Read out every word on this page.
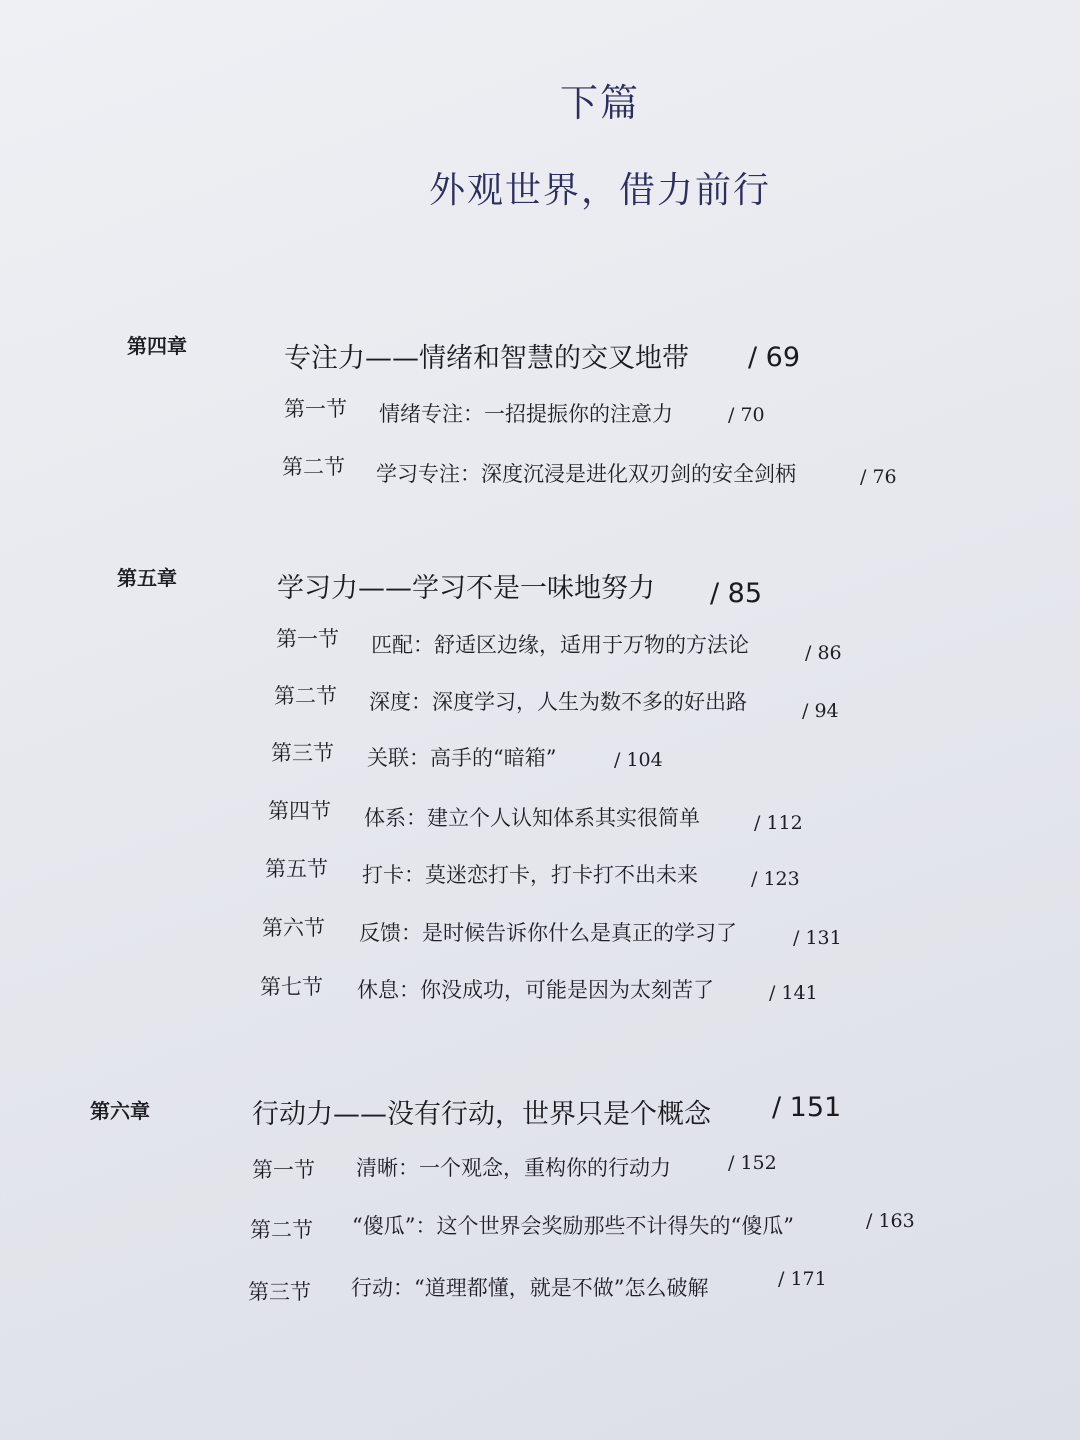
下篇
外观世界，借力前行
第四章	专注力——情绪和智慧的交叉地带 / 69
第一节 情绪专注：一招提振你的注意力	/ 70
第二节 学习专注：深度沉浸是进化双刃剑的安全剑柄	/ 76
第五章	学习力——学习不是一味地努力 / 85
第一节 匹配：舒适区边缘，适用于万物的方法论	/ 86
第二节 深度：深度学习，人生为数不多的好出路	/ 94
第三节 关联：高手的“暗箱”	/ 104
第四节 体系：建立个人认知体系其实很简单	/ 112
第五节 打卡：莫迷恋打卡，打卡打不出未来	/ 123
第六节 反馈：是时候告诉你什么是真正的学习了	/ 131
第七节 休息：你没成功，可能是因为太刻苦了	/ 141
第六章	行动力——没有行动，世界只是个概念 / 151
第一节 清晰：一个观念，重构你的行动力	/ 152
第二节 “傻瓜”：这个世界会奖励那些不计得失的“傻瓜”	/ 163
第三节 行动：“道理都懂，就是不做”怎么破解	/ 171
